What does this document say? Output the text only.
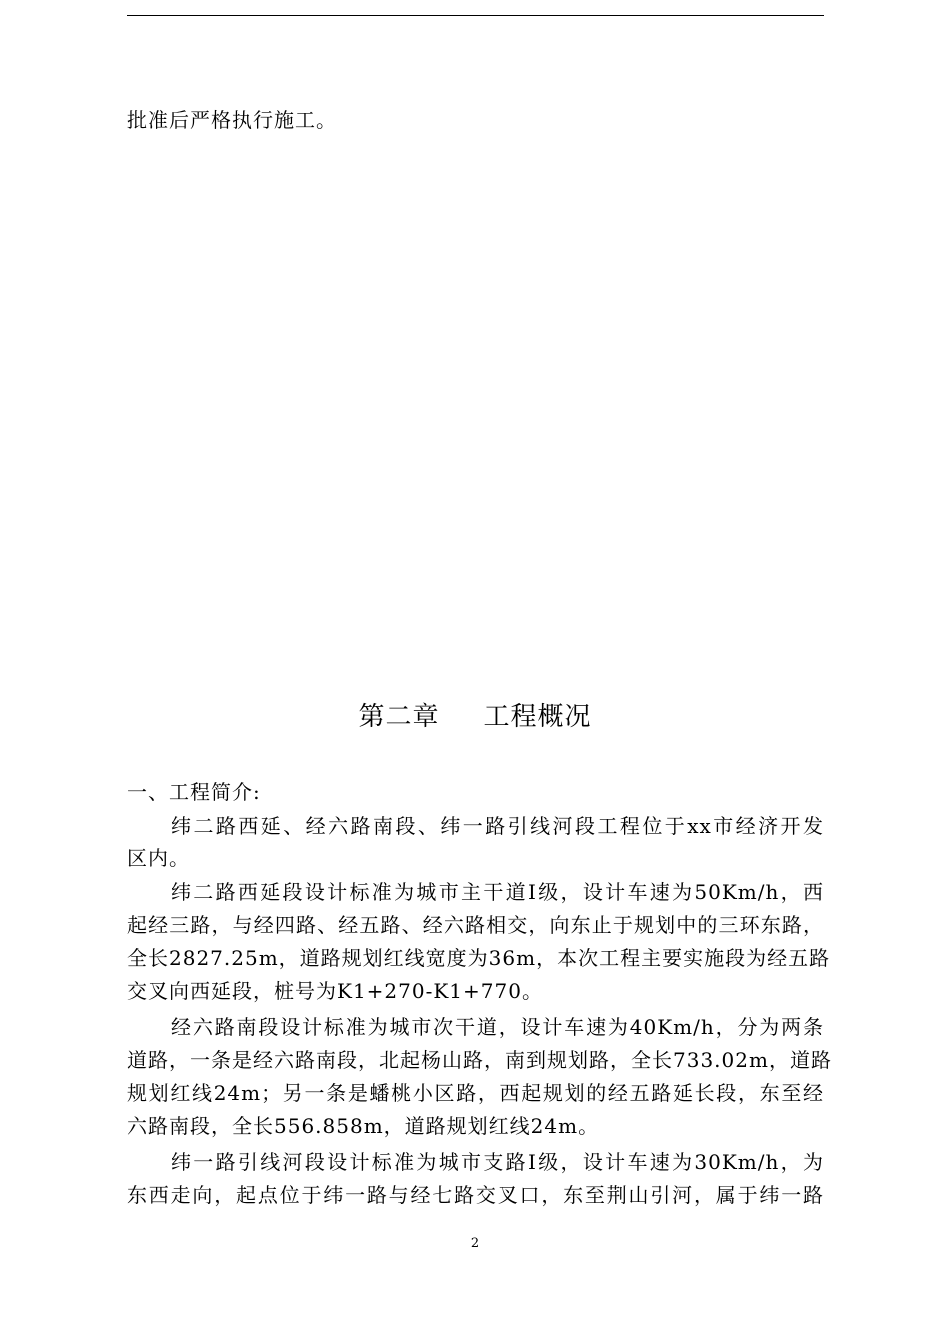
批准后严格执行施工。
第二章 工程概况
一、工程简介:
纬二路西延、经六路南段、纬一路引线河段工程位于xx市经济开发
区内。
纬二路西延段设计标准为城市主干道Ⅰ级，设计车速为50Km/h，西
起经三路，与经四路、经五路、经六路相交，向东止于规划中的三环东路，
全长2827.25m，道路规划红线宽度为36m，本次工程主要实施段为经五路
交叉向西延段，桩号为K1+270-K1+770。
经六路南段设计标准为城市次干道，设计车速为40Km/h，分为两条
道路，一条是经六路南段，北起杨山路，南到规划路，全长733.02m，道路
规划红线24m；另一条是蟠桃小区路，西起规划的经五路延长段，东至经
六路南段，全长556.858m，道路规划红线24m。
纬一路引线河段设计标准为城市支路Ⅰ级，设计车速为30Km/h，为
东西走向，起点位于纬一路与经七路交叉口，东至荆山引河，属于纬一路
2
